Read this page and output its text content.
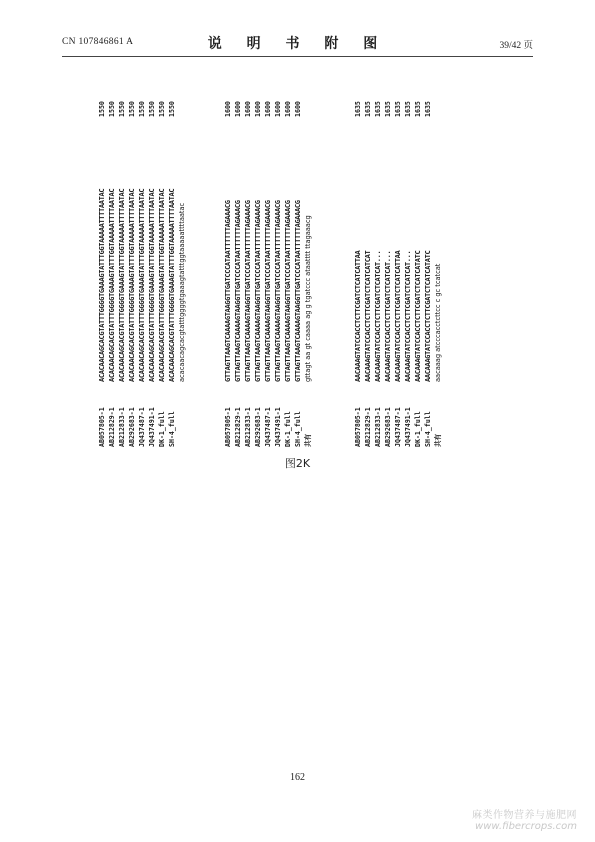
CN 107846861 A	说 明 书 附 图	39/42 页
AB057805-1
ACACAACAGCACGTATTTGGGGTGAAAGTATTTGGTAAAAATTTTAATAC
1550
AB212829-1
ACACAACAGCACGTATTTGGGGTGAAAGTATTTGGTAAAAATTTTAATAC
1550
AB212833-1
ACACAACAGCACGTATTTGGGGTGAAAGTATTTGGTAAAAATTTTAATAC
1550
AB292683-1
ACACAACAGCACGTATTTGGGGTGAAAGTATTTGGTAAAAATTTTAATAC
1550
JQ437487-1
ACACAACAGCACGTATTTGGGGTGAAAGTATTTGGTAAAAATTTTAATAC
1550
JQ437491-1
ACACAACAGCACGTATTTGGGGTGAAAGTATTTGGTAAAAATTTTAATAC
1550
DK-1_full
ACACAACAGCACGTATTTGGGGTGAAAGTATTTGGTAAAAATTTTAATAC
1550
SH-4_full
ACACAACAGCACGTATTTGGGGTGAAAGTATTTGGTAAAAATTTTAATAC
1550
acacaacagcacgtatttggggtgaaagtatttggtaaaaattttaatac
AB057805-1
GTTAGTTAAGTCAAAAGTAAGGTTGATCCCATAATTTTTTAGAAACG
1600
AB212829-1
GTTAGTTAAGTCAAAAGTAAGGTTGATCCCATAATTTTTTAGAAACG
1600
AB212833-1
GTTAGTTAAGTCAAAAGTAAGGTTGATCCCATAATTTTTTAGAAACG
1600
AB292683-1
GTTAGTTAAGTCAAAAGTAAGGTTGATCCCATAATTTTTTAGAAACG
1600
JQ437487-1
GTTAGTTAAGTCAAAAGTAAGGTTGATCCCATAATTTTTTAGAAACG
1600
JQ437491-1
GTTAGTTAAGTCAAAAGTAAGGTTGATCCCATAATTTTTTAGAAACG
1600
DK-1_full
GTTAGTTAAGTCAAAAGTAAGGTTGATCCCATAATTTTTTAGAAACG
1600
SH-4_full
GTTAGTTAAGTCAAAAGTAAGGTTGATCCCATAATTTTTTAGAAACG
1600
共有
gttagt aa gt caaaa ag g tgatccc ataatttt ttagaaacg
AB057805-1
AACAAAGTATCCACCTCTTCGATCTCATCATTAA
1635
AB212829-1
AACAAAGTATCCACCTCTTCGATCTCATCATCAT
1635
AB212833-1
AACAAAGTATCCACCTCTTCGATCTCATCAT...
1635
AB292683-1
AACAAAGTATCCACCTCTTCGATCTCATCAT...
1635
JQ437487-1
AACAAAGTATCCACCTCTTCGATCTCATCATTAA
1635
JQ437491-1
AACAAAGTATCCACCTCTTCGATCTCATCAT...
1635
DK-1_full
AACAAAGTATCCACCTCTTCGATCTCATCATATC
1635
SH-4_full
AACAAAGTATCCACCTCTTCGATCTCATCATATC
1635
共有
aacaaag atcccacctcttcc c gc tcatcat
图2K
162
麻类作物营养与施肥网
www.fibercrops.com
